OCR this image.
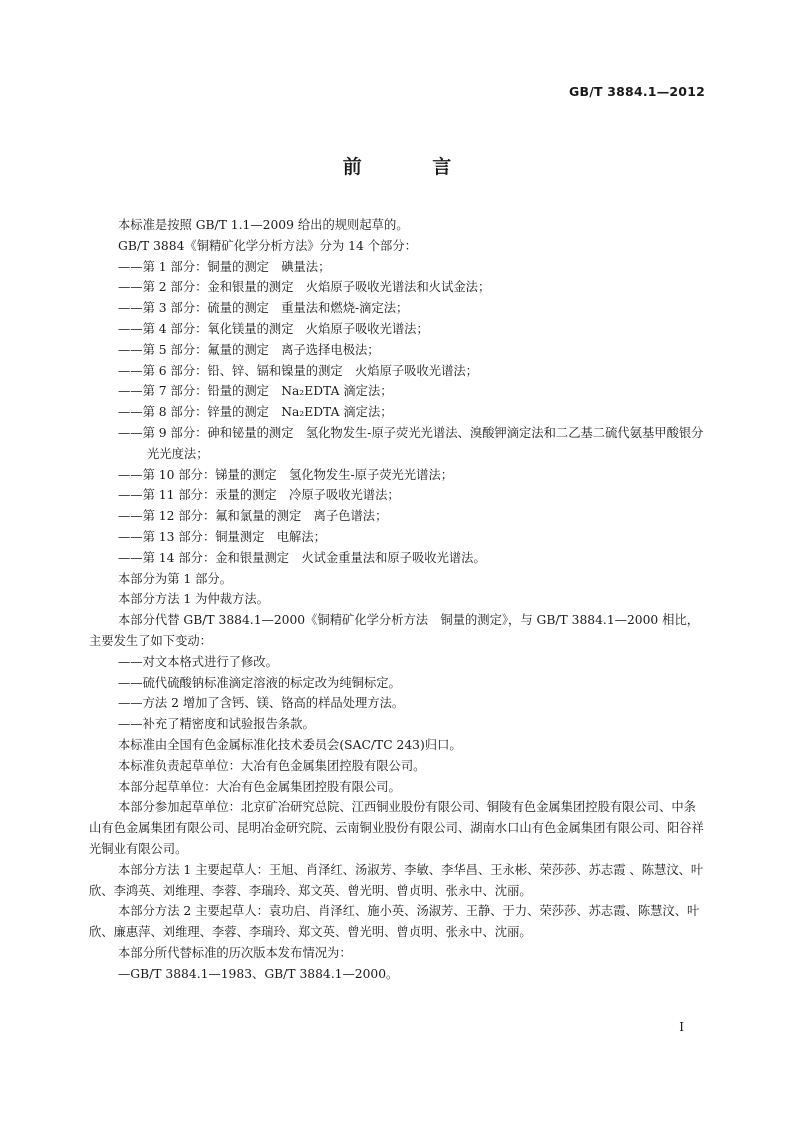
GB/T 3884.1—2012
前 言

本标准是按照 GB/T 1.1—2009 给出的规则起草的。

GB/T 3884《铜精矿化学分析方法》分为 14 个部分：

——第 1 部分：铜量的测定　碘量法；

——第 2 部分：金和银量的测定　火焰原子吸收光谱法和火试金法；

——第 3 部分：硫量的测定　重量法和燃烧-滴定法；

——第 4 部分：氧化镁量的测定　火焰原子吸收光谱法；

——第 5 部分：氟量的测定　离子选择电极法；

——第 6 部分：铅、锌、镉和镍量的测定　火焰原子吸收光谱法；

——第 7 部分：铅量的测定　Na₂EDTA 滴定法；

——第 8 部分：锌量的测定　Na₂EDTA 滴定法；

——第 9 部分：砷和铋量的测定　氢化物发生-原子荧光光谱法、溴酸钾滴定法和二乙基二硫代氨基甲酸银分光光度法；

——第 10 部分：锑量的测定　氢化物发生-原子荧光光谱法；

——第 11 部分：汞量的测定　冷原子吸收光谱法；

——第 12 部分：氟和氯量的测定　离子色谱法；

——第 13 部分：铜量测定　电解法；

——第 14 部分：金和银量测定　火试金重量法和原子吸收光谱法。

本部分为第 1 部分。

本部分方法 1 为仲裁方法。

本部分代替 GB/T 3884.1—2000《铜精矿化学分析方法　铜量的测定》，与 GB/T 3884.1—2000 相比，主要发生了如下变动：

——对文本格式进行了修改。

——硫代硫酸钠标准滴定溶液的标定改为纯铜标定。

——方法 2 增加了含钙、镁、铬高的样品处理方法。

——补充了精密度和试验报告条款。

本标准由全国有色金属标准化技术委员会(SAC/TC 243)归口。

本标准负责起草单位：大冶有色金属集团控股有限公司。

本部分起草单位：大冶有色金属集团控股有限公司。

本部分参加起草单位：北京矿冶研究总院、江西铜业股份有限公司、铜陵有色金属集团控股有限公司、中条山有色金属集团有限公司、昆明冶金研究院、云南铜业股份有限公司、湖南水口山有色金属集团有限公司、阳谷祥光铜业有限公司。

本部分方法 1 主要起草人：王旭、肖泽红、汤淑芳、李敏、李华昌、王永彬、荣莎莎、苏志霞 、陈慧汶、叶欣、李鸿英、刘维理、李蓉、李瑞玲、郑文英、曾光明、曾贞明、张永中、沈丽。

本部分方法 2 主要起草人：袁功启、肖泽红、施小英、汤淑芳、王静、于力、荣莎莎、苏志霞、陈慧汶、叶欣、廉惠萍、刘维理、李蓉、李瑞玲、郑文英、曾光明、曾贞明、张永中、沈丽。

本部分所代替标准的历次版本发布情况为：

—GB/T 3884.1—1983、GB/T 3884.1—2000。

I
